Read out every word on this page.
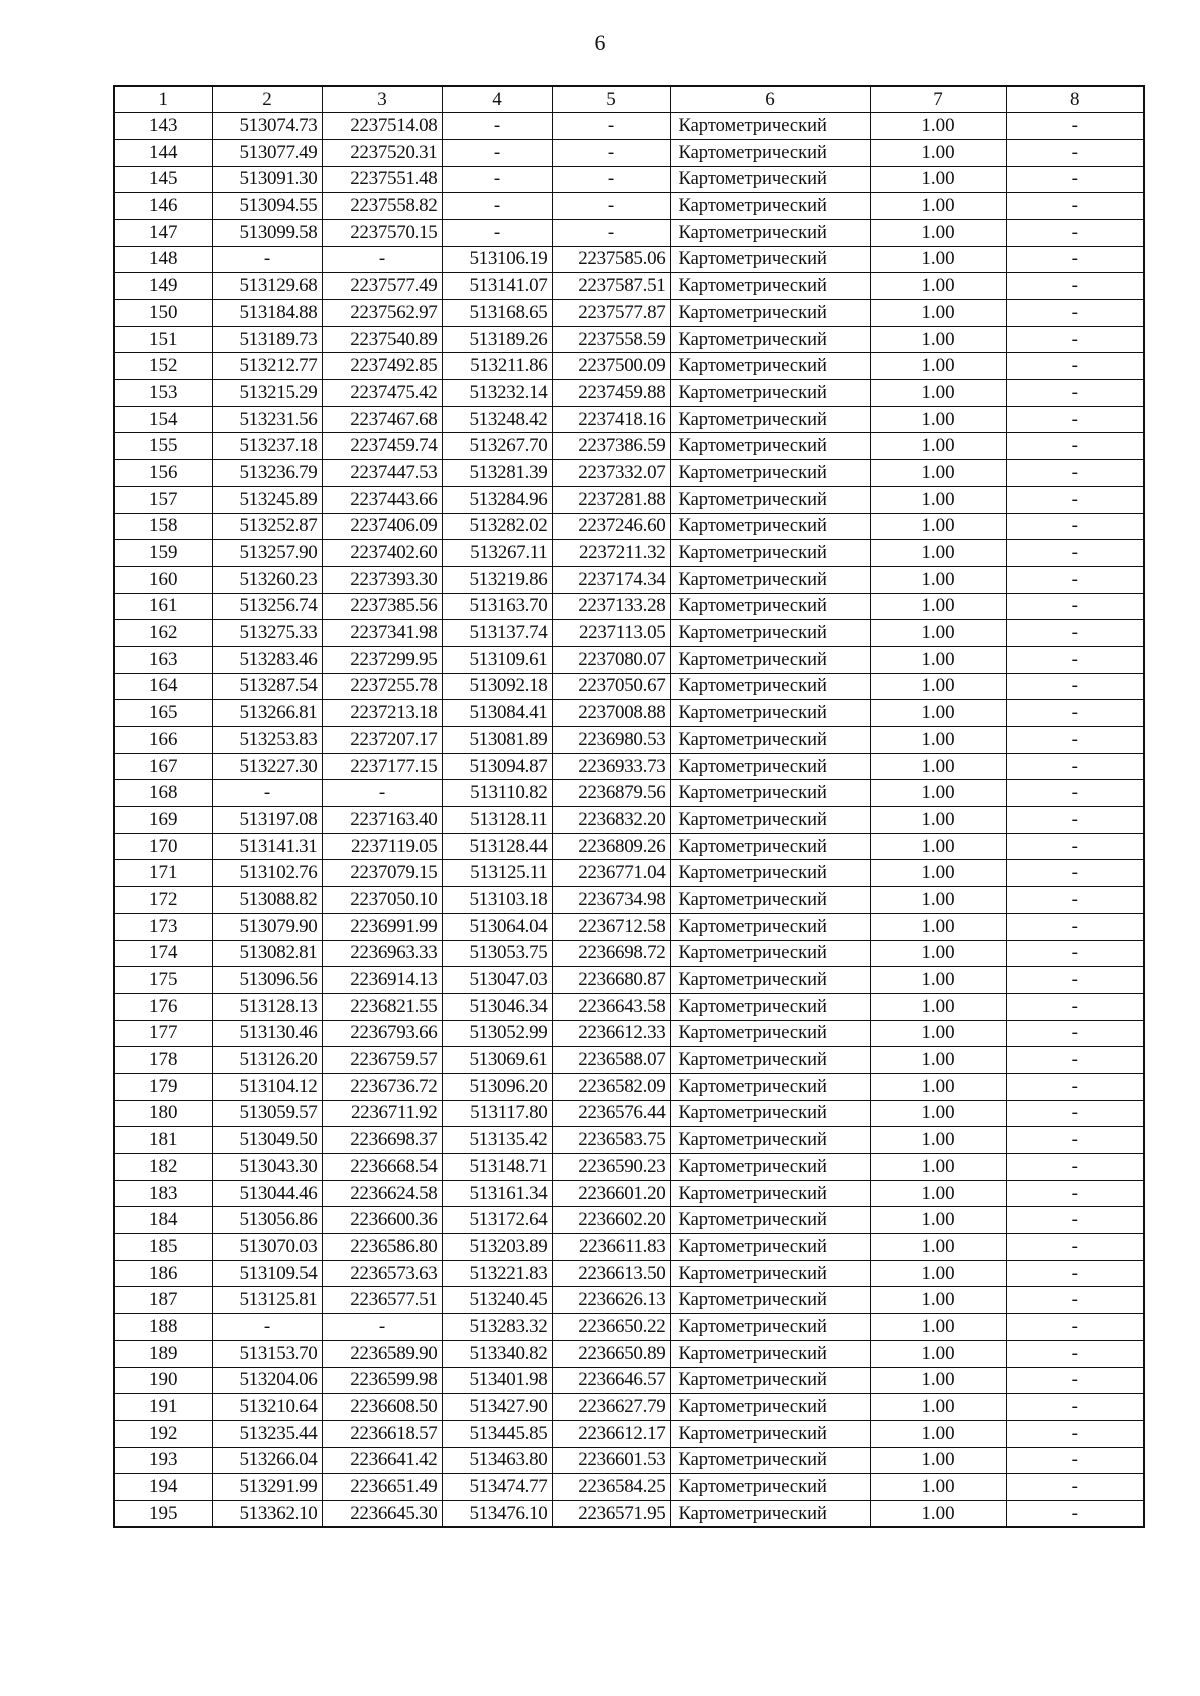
6
1	2	3	4	5	6	7	8
143	513074.73	2237514.08	-	-	Картометрический	1.00	-
144	513077.49	2237520.31	-	-	Картометрический	1.00	-
145	513091.30	2237551.48	-	-	Картометрический	1.00	-
146	513094.55	2237558.82	-	-	Картометрический	1.00	-
147	513099.58	2237570.15	-	-	Картометрический	1.00	-
148	-	-	513106.19	2237585.06	Картометрический	1.00	-
149	513129.68	2237577.49	513141.07	2237587.51	Картометрический	1.00	-
150	513184.88	2237562.97	513168.65	2237577.87	Картометрический	1.00	-
151	513189.73	2237540.89	513189.26	2237558.59	Картометрический	1.00	-
152	513212.77	2237492.85	513211.86	2237500.09	Картометрический	1.00	-
153	513215.29	2237475.42	513232.14	2237459.88	Картометрический	1.00	-
154	513231.56	2237467.68	513248.42	2237418.16	Картометрический	1.00	-
155	513237.18	2237459.74	513267.70	2237386.59	Картометрический	1.00	-
156	513236.79	2237447.53	513281.39	2237332.07	Картометрический	1.00	-
157	513245.89	2237443.66	513284.96	2237281.88	Картометрический	1.00	-
158	513252.87	2237406.09	513282.02	2237246.60	Картометрический	1.00	-
159	513257.90	2237402.60	513267.11	2237211.32	Картометрический	1.00	-
160	513260.23	2237393.30	513219.86	2237174.34	Картометрический	1.00	-
161	513256.74	2237385.56	513163.70	2237133.28	Картометрический	1.00	-
162	513275.33	2237341.98	513137.74	2237113.05	Картометрический	1.00	-
163	513283.46	2237299.95	513109.61	2237080.07	Картометрический	1.00	-
164	513287.54	2237255.78	513092.18	2237050.67	Картометрический	1.00	-
165	513266.81	2237213.18	513084.41	2237008.88	Картометрический	1.00	-
166	513253.83	2237207.17	513081.89	2236980.53	Картометрический	1.00	-
167	513227.30	2237177.15	513094.87	2236933.73	Картометрический	1.00	-
168	-	-	513110.82	2236879.56	Картометрический	1.00	-
169	513197.08	2237163.40	513128.11	2236832.20	Картометрический	1.00	-
170	513141.31	2237119.05	513128.44	2236809.26	Картометрический	1.00	-
171	513102.76	2237079.15	513125.11	2236771.04	Картометрический	1.00	-
172	513088.82	2237050.10	513103.18	2236734.98	Картометрический	1.00	-
173	513079.90	2236991.99	513064.04	2236712.58	Картометрический	1.00	-
174	513082.81	2236963.33	513053.75	2236698.72	Картометрический	1.00	-
175	513096.56	2236914.13	513047.03	2236680.87	Картометрический	1.00	-
176	513128.13	2236821.55	513046.34	2236643.58	Картометрический	1.00	-
177	513130.46	2236793.66	513052.99	2236612.33	Картометрический	1.00	-
178	513126.20	2236759.57	513069.61	2236588.07	Картометрический	1.00	-
179	513104.12	2236736.72	513096.20	2236582.09	Картометрический	1.00	-
180	513059.57	2236711.92	513117.80	2236576.44	Картометрический	1.00	-
181	513049.50	2236698.37	513135.42	2236583.75	Картометрический	1.00	-
182	513043.30	2236668.54	513148.71	2236590.23	Картометрический	1.00	-
183	513044.46	2236624.58	513161.34	2236601.20	Картометрический	1.00	-
184	513056.86	2236600.36	513172.64	2236602.20	Картометрический	1.00	-
185	513070.03	2236586.80	513203.89	2236611.83	Картометрический	1.00	-
186	513109.54	2236573.63	513221.83	2236613.50	Картометрический	1.00	-
187	513125.81	2236577.51	513240.45	2236626.13	Картометрический	1.00	-
188	-	-	513283.32	2236650.22	Картометрический	1.00	-
189	513153.70	2236589.90	513340.82	2236650.89	Картометрический	1.00	-
190	513204.06	2236599.98	513401.98	2236646.57	Картометрический	1.00	-
191	513210.64	2236608.50	513427.90	2236627.79	Картометрический	1.00	-
192	513235.44	2236618.57	513445.85	2236612.17	Картометрический	1.00	-
193	513266.04	2236641.42	513463.80	2236601.53	Картометрический	1.00	-
194	513291.99	2236651.49	513474.77	2236584.25	Картометрический	1.00	-
195	513362.10	2236645.30	513476.10	2236571.95	Картометрический	1.00	-
